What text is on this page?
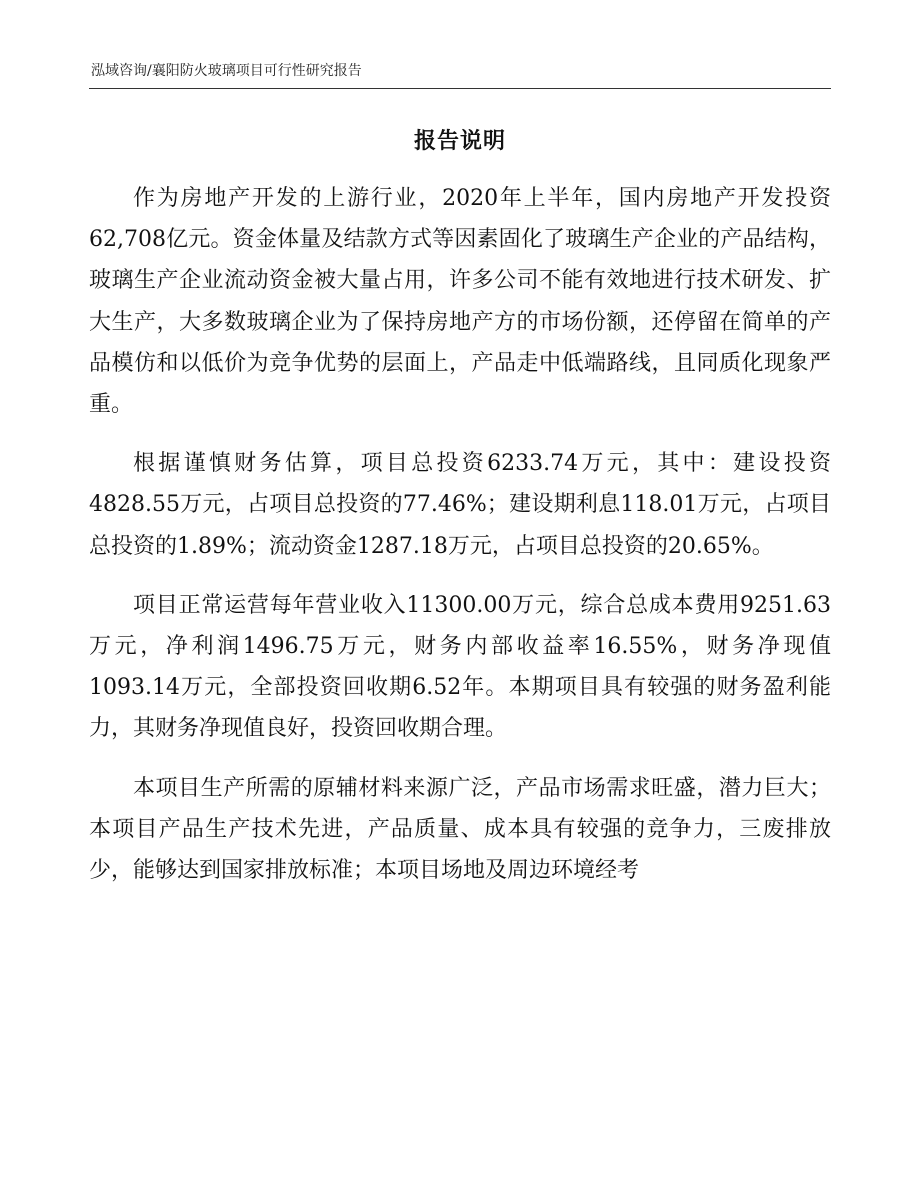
泓域咨询/襄阳防火玻璃项目可行性研究报告
报告说明

作为房地产开发的上游行业，2020年上半年，国内房地产开发投资62,708亿元。资金体量及结款方式等因素固化了玻璃生产企业的产品结构，玻璃生产企业流动资金被大量占用，许多公司不能有效地进行技术研发、扩大生产，大多数玻璃企业为了保持房地产方的市场份额，还停留在简单的产品模仿和以低价为竞争优势的层面上，产品走中低端路线，且同质化现象严重。

根据谨慎财务估算，项目总投资6233.74万元，其中：建设投资4828.55万元，占项目总投资的77.46%；建设期利息118.01万元，占项目总投资的1.89%；流动资金1287.18万元，占项目总投资的20.65%。

项目正常运营每年营业收入11300.00万元，综合总成本费用9251.63万元，净利润1496.75万元，财务内部收益率16.55%，财务净现值1093.14万元，全部投资回收期6.52年。本期项目具有较强的财务盈利能力，其财务净现值良好，投资回收期合理。

本项目生产所需的原辅材料来源广泛，产品市场需求旺盛，潜力巨大；本项目产品生产技术先进，产品质量、成本具有较强的竞争力，三废排放少，能够达到国家排放标准；本项目场地及周边环境经考
